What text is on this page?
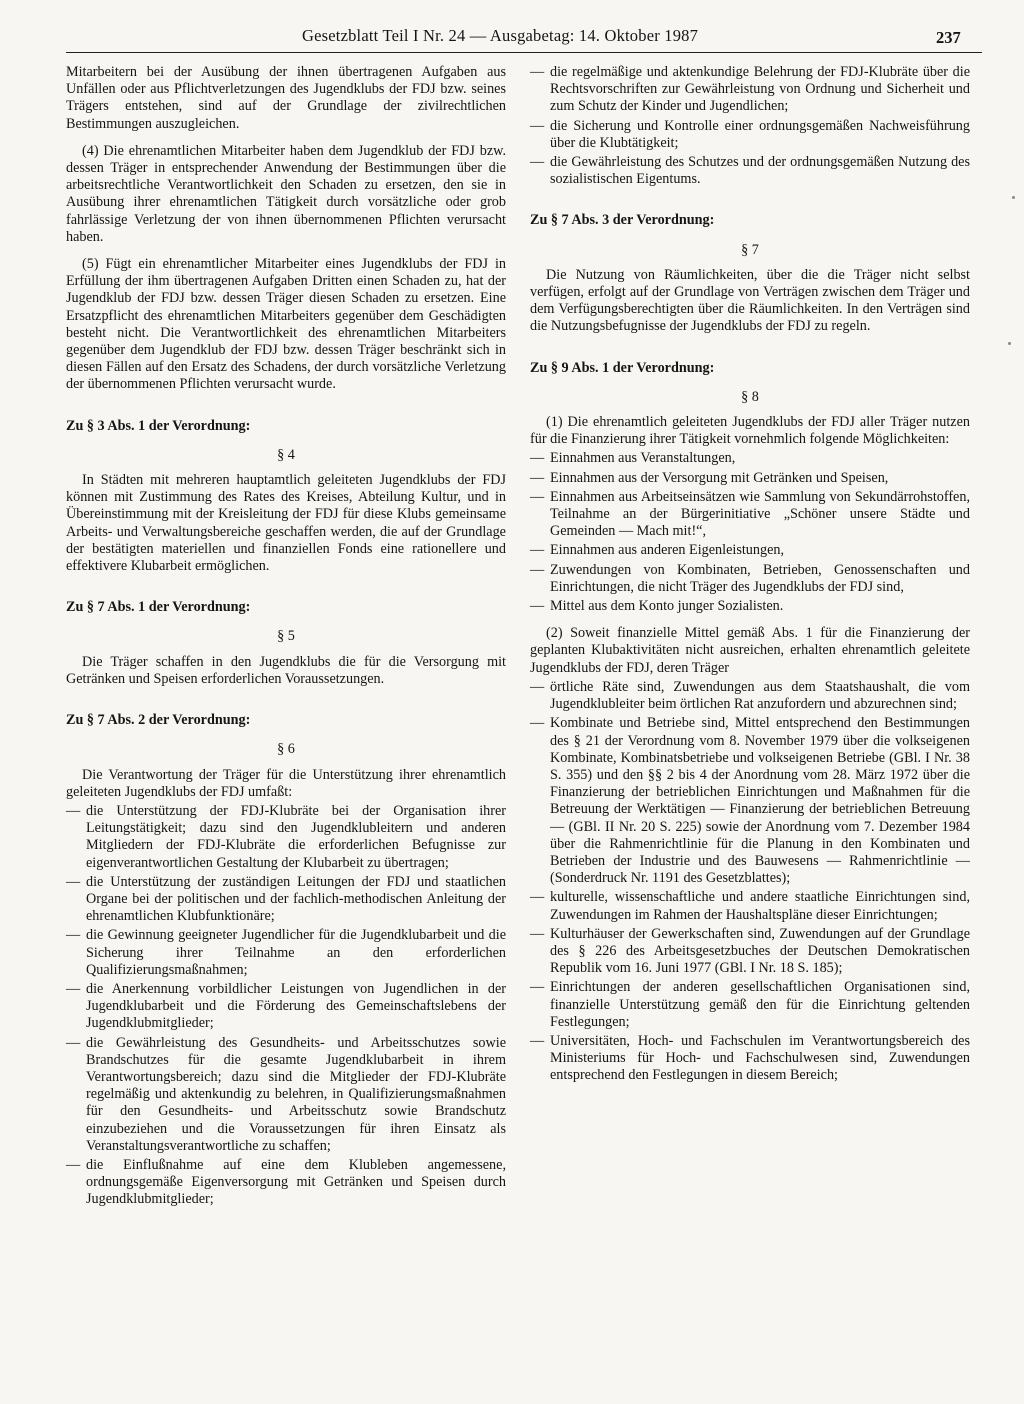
Gesetzblatt Teil I Nr. 24 — Ausgabetag: 14. Oktober 1987	237

Mitarbeitern bei der Ausübung der ihnen übertragenen Aufgaben aus Unfällen oder aus Pflichtverletzungen des Jugendklubs der FDJ bzw. seines Trägers entstehen, sind auf der Grundlage der zivilrechtlichen Bestimmungen auszugleichen.

(4) Die ehrenamtlichen Mitarbeiter haben dem Jugendklub der FDJ bzw. dessen Träger in entsprechender Anwendung der Bestimmungen über die arbeitsrechtliche Verantwortlichkeit den Schaden zu ersetzen, den sie in Ausübung ihrer ehrenamtlichen Tätigkeit durch vorsätzliche oder grob fahrlässige Verletzung der von ihnen übernommenen Pflichten verursacht haben.

(5) Fügt ein ehrenamtlicher Mitarbeiter eines Jugendklubs der FDJ in Erfüllung der ihm übertragenen Aufgaben Dritten einen Schaden zu, hat der Jugendklub der FDJ bzw. dessen Träger diesen Schaden zu ersetzen. Eine Ersatzpflicht des ehrenamtlichen Mitarbeiters gegenüber dem Geschädigten besteht nicht. Die Verantwortlichkeit des ehrenamtlichen Mitarbeiters gegenüber dem Jugendklub der FDJ bzw. dessen Träger beschränkt sich in diesen Fällen auf den Ersatz des Schadens, der durch vorsätzliche Verletzung der übernommenen Pflichten verursacht wurde.

Zu § 3 Abs. 1 der Verordnung:
§ 4

In Städten mit mehreren hauptamtlich geleiteten Jugendklubs der FDJ können mit Zustimmung des Rates des Kreises, Abteilung Kultur, und in Übereinstimmung mit der Kreisleitung der FDJ für diese Klubs gemeinsame Arbeits- und Verwaltungsbereiche geschaffen werden, die auf der Grundlage der bestätigten materiellen und finanziellen Fonds eine rationellere und effektivere Klubarbeit ermöglichen.

Zu § 7 Abs. 1 der Verordnung:
§ 5

Die Träger schaffen in den Jugendklubs die für die Versorgung mit Getränken und Speisen erforderlichen Voraussetzungen.

Zu § 7 Abs. 2 der Verordnung:
§ 6

Die Verantwortung der Träger für die Unterstützung ihrer ehrenamtlich geleiteten Jugendklubs der FDJ umfaßt:

— die Unterstützung der FDJ-Klubräte bei der Organisation ihrer Leitungstätigkeit; dazu sind den Jugendklubleitern und anderen Mitgliedern der FDJ-Klubräte die erforderlichen Befugnisse zur eigenverantwortlichen Gestaltung der Klubarbeit zu übertragen;
— die Unterstützung der zuständigen Leitungen der FDJ und staatlichen Organe bei der politischen und der fachlich-methodischen Anleitung der ehrenamtlichen Klubfunktionäre;
— die Gewinnung geeigneter Jugendlicher für die Jugendklubarbeit und die Sicherung ihrer Teilnahme an den erforderlichen Qualifizierungsmaßnahmen;
— die Anerkennung vorbildlicher Leistungen von Jugendlichen in der Jugendklubarbeit und die Förderung des Gemeinschaftslebens der Jugendklubmitglieder;
— die Gewährleistung des Gesundheits- und Arbeitsschutzes sowie Brandschutzes für die gesamte Jugendklubarbeit in ihrem Verantwortungsbereich; dazu sind die Mitglieder der FDJ-Klubräte regelmäßig und aktenkundig zu belehren, in Qualifizierungsmaßnahmen für den Gesundheits- und Arbeitsschutz sowie Brandschutz einzubeziehen und die Voraussetzungen für ihren Einsatz als Veranstaltungsverantwortliche zu schaffen;
— die Einflußnahme auf eine dem Klubleben angemessene, ordnungsgemäße Eigenversorgung mit Getränken und Speisen durch Jugendklubmitglieder;
— die regelmäßige und aktenkundige Belehrung der FDJ-Klubräte über die Rechtsvorschriften zur Gewährleistung von Ordnung und Sicherheit und zum Schutz der Kinder und Jugendlichen;
— die Sicherung und Kontrolle einer ordnungsgemäßen Nachweisführung über die Klubtätigkeit;
— die Gewährleistung des Schutzes und der ordnungsgemäßen Nutzung des sozialistischen Eigentums.
Zu § 7 Abs. 3 der Verordnung:
§ 7

Die Nutzung von Räumlichkeiten, über die die Träger nicht selbst verfügen, erfolgt auf der Grundlage von Verträgen zwischen dem Träger und dem Verfügungsberechtigten über die Räumlichkeiten. In den Verträgen sind die Nutzungsbefugnisse der Jugendklubs der FDJ zu regeln.

Zu § 9 Abs. 1 der Verordnung:
§ 8

(1) Die ehrenamtlich geleiteten Jugendklubs der FDJ aller Träger nutzen für die Finanzierung ihrer Tätigkeit vornehmlich folgende Möglichkeiten:

— Einnahmen aus Veranstaltungen,
— Einnahmen aus der Versorgung mit Getränken und Speisen,
— Einnahmen aus Arbeitseinsätzen wie Sammlung von Sekundärrohstoffen, Teilnahme an der Bürgerinitiative „Schöner unsere Städte und Gemeinden — Mach mit!“,
— Einnahmen aus anderen Eigenleistungen,
— Zuwendungen von Kombinaten, Betrieben, Genossenschaften und Einrichtungen, die nicht Träger des Jugendklubs der FDJ sind,
— Mittel aus dem Konto junger Sozialisten.

(2) Soweit finanzielle Mittel gemäß Abs. 1 für die Finanzierung der geplanten Klubaktivitäten nicht ausreichen, erhalten ehrenamtlich geleitete Jugendklubs der FDJ, deren Träger

— örtliche Räte sind, Zuwendungen aus dem Staatshaushalt, die vom Jugendklubleiter beim örtlichen Rat anzufordern und abzurechnen sind;
— Kombinate und Betriebe sind, Mittel entsprechend den Bestimmungen des § 21 der Verordnung vom 8. November 1979 über die volkseigenen Kombinate, Kombinatsbetriebe und volkseigenen Betriebe (GBl. I Nr. 38 S. 355) und den §§ 2 bis 4 der Anordnung vom 28. März 1972 über die Finanzierung der betrieblichen Einrichtungen und Maßnahmen für die Betreuung der Werktätigen — Finanzierung der betrieblichen Betreuung — (GBl. II Nr. 20 S. 225) sowie der Anordnung vom 7. Dezember 1984 über die Rahmenrichtlinie für die Planung in den Kombinaten und Betrieben der Industrie und des Bauwesens — Rahmenrichtlinie — (Sonderdruck Nr. 1191 des Gesetzblattes);
— kulturelle, wissenschaftliche und andere staatliche Einrichtungen sind, Zuwendungen im Rahmen der Haushaltspläne dieser Einrichtungen;
— Kulturhäuser der Gewerkschaften sind, Zuwendungen auf der Grundlage des § 226 des Arbeitsgesetzbuches der Deutschen Demokratischen Republik vom 16. Juni 1977 (GBl. I Nr. 18 S. 185);
— Einrichtungen der anderen gesellschaftlichen Organisationen sind, finanzielle Unterstützung gemäß den für die Einrichtung geltenden Festlegungen;
— Universitäten, Hoch- und Fachschulen im Verantwortungsbereich des Ministeriums für Hoch- und Fachschulwesen sind, Zuwendungen entsprechend den Festlegungen in diesem Bereich;
